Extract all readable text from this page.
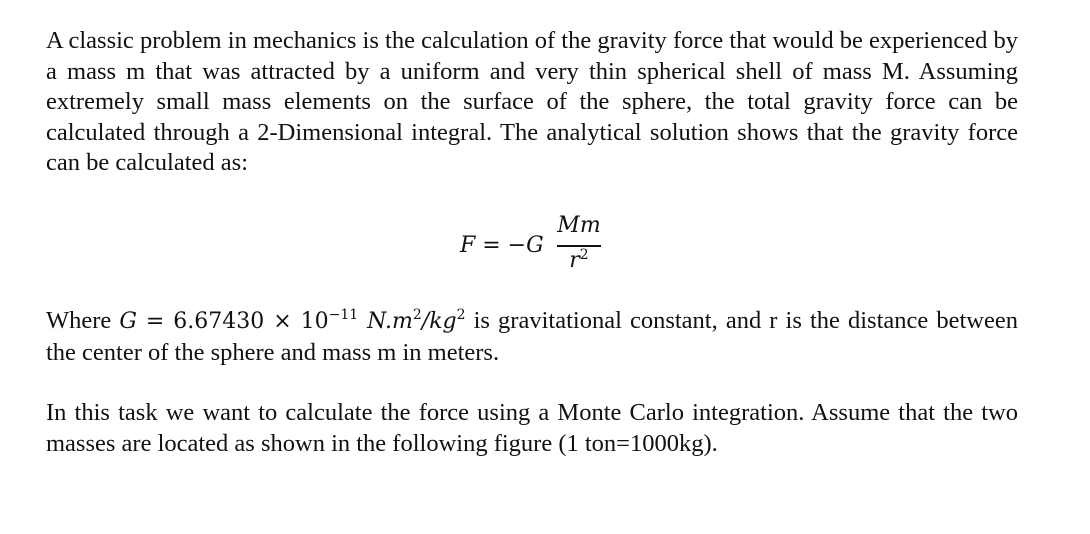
A classic problem in mechanics is the calculation of the gravity force that would be experienced by a mass m that was attracted by a uniform and very thin spherical shell of mass M. Assuming extremely small mass elements on the surface of the sphere, the total gravity force can be calculated through a 2-Dimensional integral. The analytical solution shows that the gravity force can be calculated as:

F = −G
Mm
$r^2$

Where $G = 6.67430 \times 10^{-11}$ $N.m^2/kg^2$ is gravitational constant, and r is the distance between the center of the sphere and mass m in meters.

In this task we want to calculate the force using a Monte Carlo integration. Assume that the two masses are located as shown in the following figure (1 ton=1000kg).
